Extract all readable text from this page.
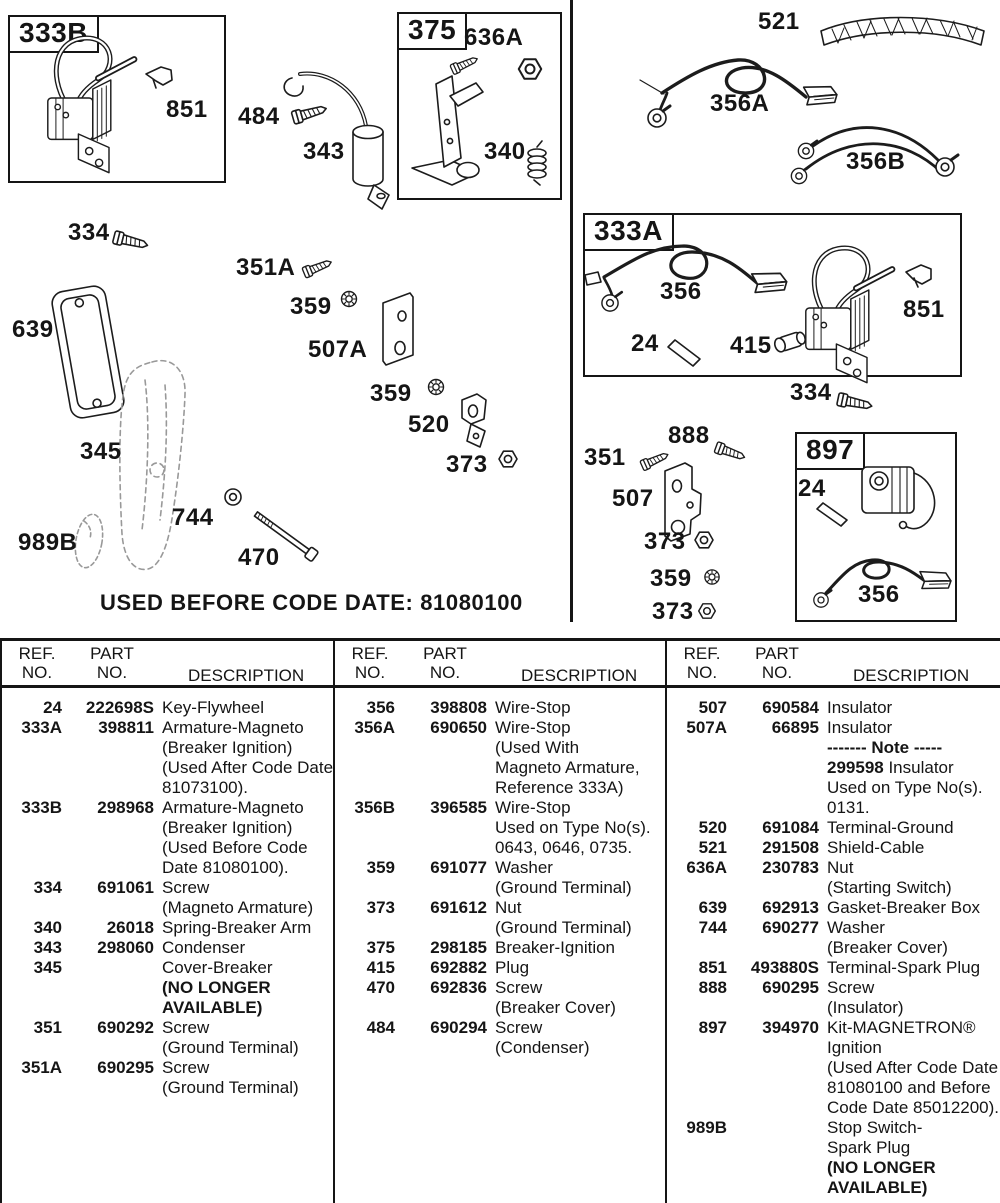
333B	375
333A
897
851 484
343
636A
340
521
356A
356B
356
24	415
851
334
334
639
351A
359
507A
359
520
373
345
744
470
989B
888
351
507
373
359
373
24
356
USED BEFORE CODE DATE: 81080100
REF.
NO.
PART
NO.	DESCRIPTION
24	222698S Key-Flywheel
333A	398811 Armature-Magneto
(Breaker Ignition)
(Used After Code Date
81073100).
333B	298968 Armature-Magneto
(Breaker Ignition)
(Used Before Code
Date 81080100).
334	691061 Screw
(Magneto Armature)
340	26018 Spring-Breaker Arm
343	298060 Condenser
345	Cover-Breaker
(NO LONGER
AVAILABLE)
351	690292 Screw
(Ground Terminal)
351A	690295 Screw
(Ground Terminal)
REF.
NO.
PART
NO.	DESCRIPTION
356	398808 Wire-Stop
356A	690650 Wire-Stop
(Used With
Magneto Armature,
Reference 333A)
356B	396585 Wire-Stop
Used on Type No(s).
0643, 0646, 0735.
359	691077 Washer
(Ground Terminal)
373	691612 Nut
(Ground Terminal)
375	298185 Breaker-Ignition
415	692882 Plug
470	692836 Screw
(Breaker Cover)
484	690294 Screw
(Condenser)
REF.
NO.
PART
NO.	DESCRIPTION
507	690584 Insulator
507A	66895 Insulator
------- Note -----
299598 Insulator
Used on Type No(s).
0131.
520	691084 Terminal-Ground
521	291508 Shield-Cable
636A	230783 Nut
(Starting Switch)
639	692913 Gasket-Breaker Box
744	690277 Washer
(Breaker Cover)
851	493880S Terminal-Spark Plug
888	690295 Screw
(Insulator)
897	394970 Kit-MAGNETRON®
Ignition
(Used After Code Date
81080100 and Before
Code Date 85012200).
989B	Stop Switch-
Spark Plug
(NO LONGER
AVAILABLE)
